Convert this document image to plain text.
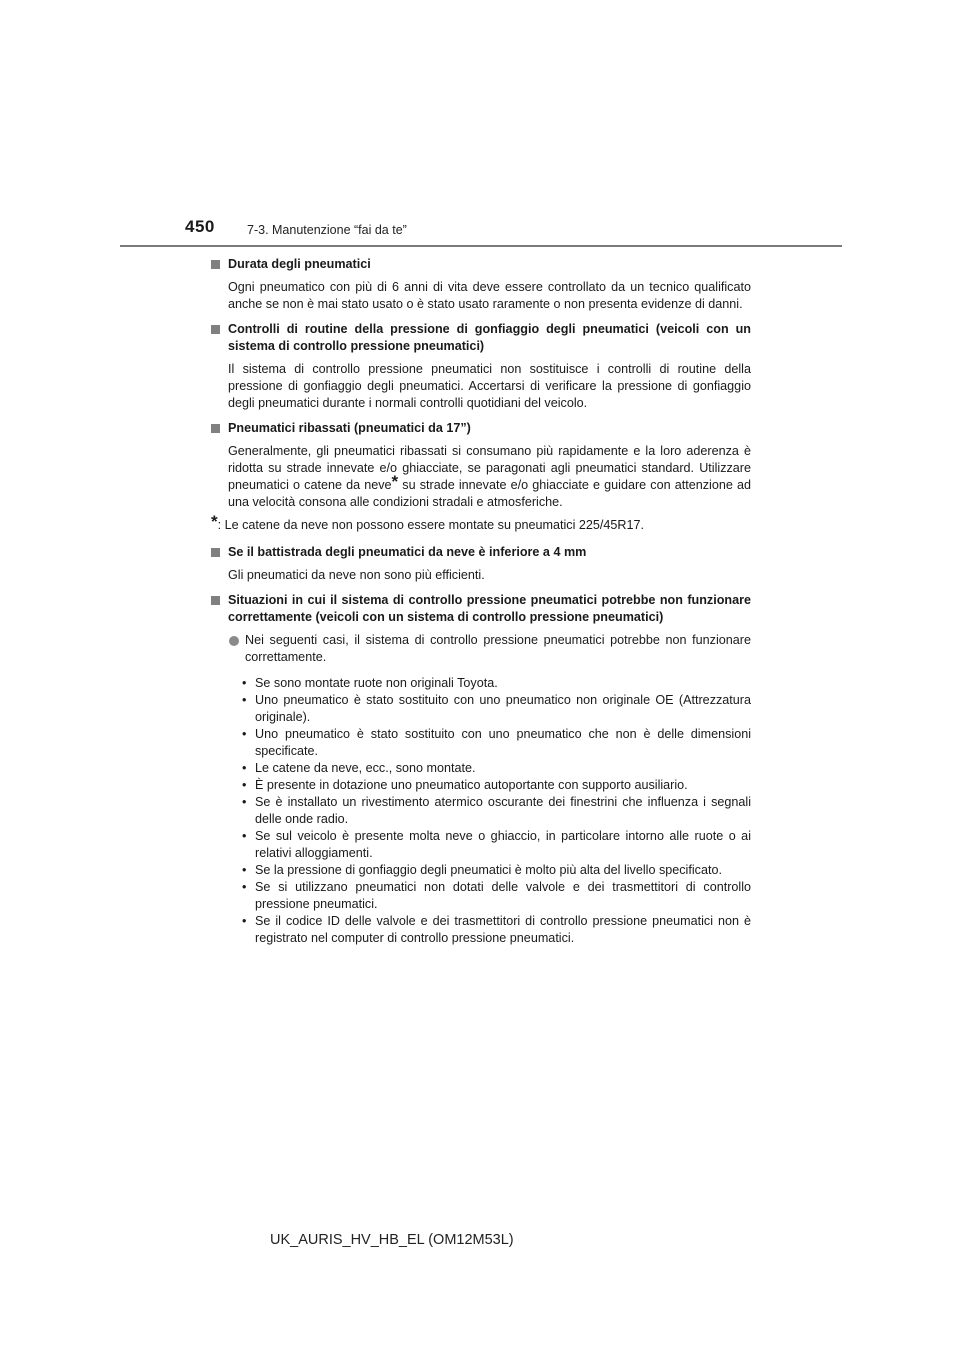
450	7-3. Manutenzione “fai da te”
Durata degli pneumatici
Ogni pneumatico con più di 6 anni di vita deve essere controllato da un tecnico qualificato anche se non è mai stato usato o è stato usato raramente o non presenta evidenze di danni.
Controlli di routine della pressione di gonfiaggio degli pneumatici (veicoli con un sistema di controllo pressione pneumatici)
Il sistema di controllo pressione pneumatici non sostituisce i controlli di routine della pressione di gonfiaggio degli pneumatici. Accertarsi di verificare la pressione di gonfiaggio degli pneumatici durante i normali controlli quotidiani del veicolo.
Pneumatici ribassati (pneumatici da 17”)
Generalmente, gli pneumatici ribassati si consumano più rapidamente e la loro aderenza è ridotta su strade innevate e/o ghiacciate, se paragonati agli pneumatici standard. Utilizzare pneumatici o catene da neve* su strade innevate e/o ghiacciate e guidare con attenzione ad una velocità consona alle condizioni stradali e atmosferiche.
*: Le catene da neve non possono essere montate su pneumatici 225/45R17.
Se il battistrada degli pneumatici da neve è inferiore a 4 mm
Gli pneumatici da neve non sono più efficienti.
Situazioni in cui il sistema di controllo pressione pneumatici potrebbe non funzionare correttamente (veicoli con un sistema di controllo pressione pneumatici)
Nei seguenti casi, il sistema di controllo pressione pneumatici potrebbe non funzionare correttamente.
• Se sono montate ruote non originali Toyota.
• Uno pneumatico è stato sostituito con uno pneumatico non originale OE (Attrezzatura originale).
• Uno pneumatico è stato sostituito con uno pneumatico che non è delle dimensioni specificate.
• Le catene da neve, ecc., sono montate.
• È presente in dotazione uno pneumatico autoportante con supporto ausiliario.
• Se è installato un rivestimento atermico oscurante dei finestrini che influenza i segnali delle onde radio.
• Se sul veicolo è presente molta neve o ghiaccio, in particolare intorno alle ruote o ai relativi alloggiamenti.
• Se la pressione di gonfiaggio degli pneumatici è molto più alta del livello specificato.
• Se si utilizzano pneumatici non dotati delle valvole e dei trasmettitori di controllo pressione pneumatici.
• Se il codice ID delle valvole e dei trasmettitori di controllo pressione pneumatici non è registrato nel computer di controllo pressione pneumatici.
UK_AURIS_HV_HB_EL (OM12M53L)
